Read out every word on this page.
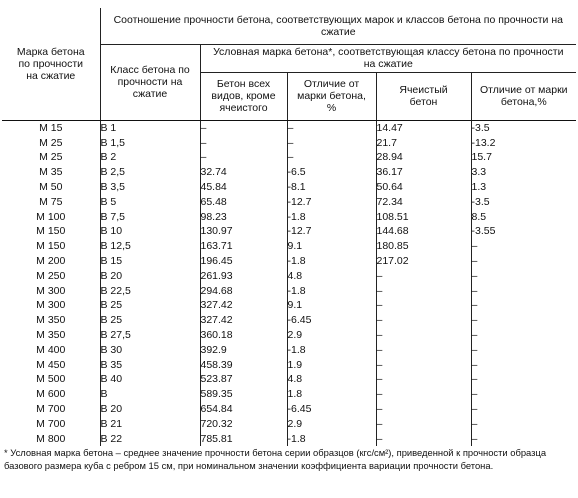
Марка бетона по прочности на сжатие	Соотношение прочности бетона, соответствующих марок и классов бетона по прочности на сжатие				
	Класс бетона по прочности на сжатие	Условная марка бетона*, соответствующая классу бетона по прочности на сжатие			
		Бетон всех видов, кроме ячеистого	Отличие от марки бетона, %	Ячеистый бетон	Отличие от марки бетона,%
М 15	В 1	–	–	14.47	-3.5
М 25	В 1,5	–	–	21.7	-13.2
М 25	В 2	–	–	28.94	15.7
М 35	В 2,5	32.74	-6.5	36.17	3.3
М 50	В 3,5	45.84	-8.1	50.64	1.3
М 75	В 5	65.48	-12.7	72.34	-3.5
М 100	В 7,5	98.23	-1.8	108.51	8.5
М 150	В 10	130.97	-12.7	144.68	-3.55
М 150	В 12,5	163.71	9.1	180.85	–
М 200	В 15	196.45	-1.8	217.02	–
М 250	В 20	261.93	4.8	–	–
М 300	В 22,5	294.68	-1.8	–	–
М 300	В 25	327.42	9.1	–	–
М 350	В 25	327.42	-6.45	–	–
М 350	В 27,5	360.18	2.9	–	–
М 400	В 30	392.9	-1.8	–	–
М 450	В 35	458.39	1.9	–	–
М 500	В 40	523.87	4.8	–	–
М 600	В	589.35	1.8	–	–
М 700	В 20	654.84	-6.45	–	–
М 700	В 21	720.32	2.9	–	–
М 800	В 22	785.81	-1.8	–	–
* Условная марка бетона – среднее значение прочности бетона серии образцов (кгс/см²), приведенной к прочности образца базового размера куба с ребром 15 см, при номинальном значении коэффициента вариации прочности бетона.
